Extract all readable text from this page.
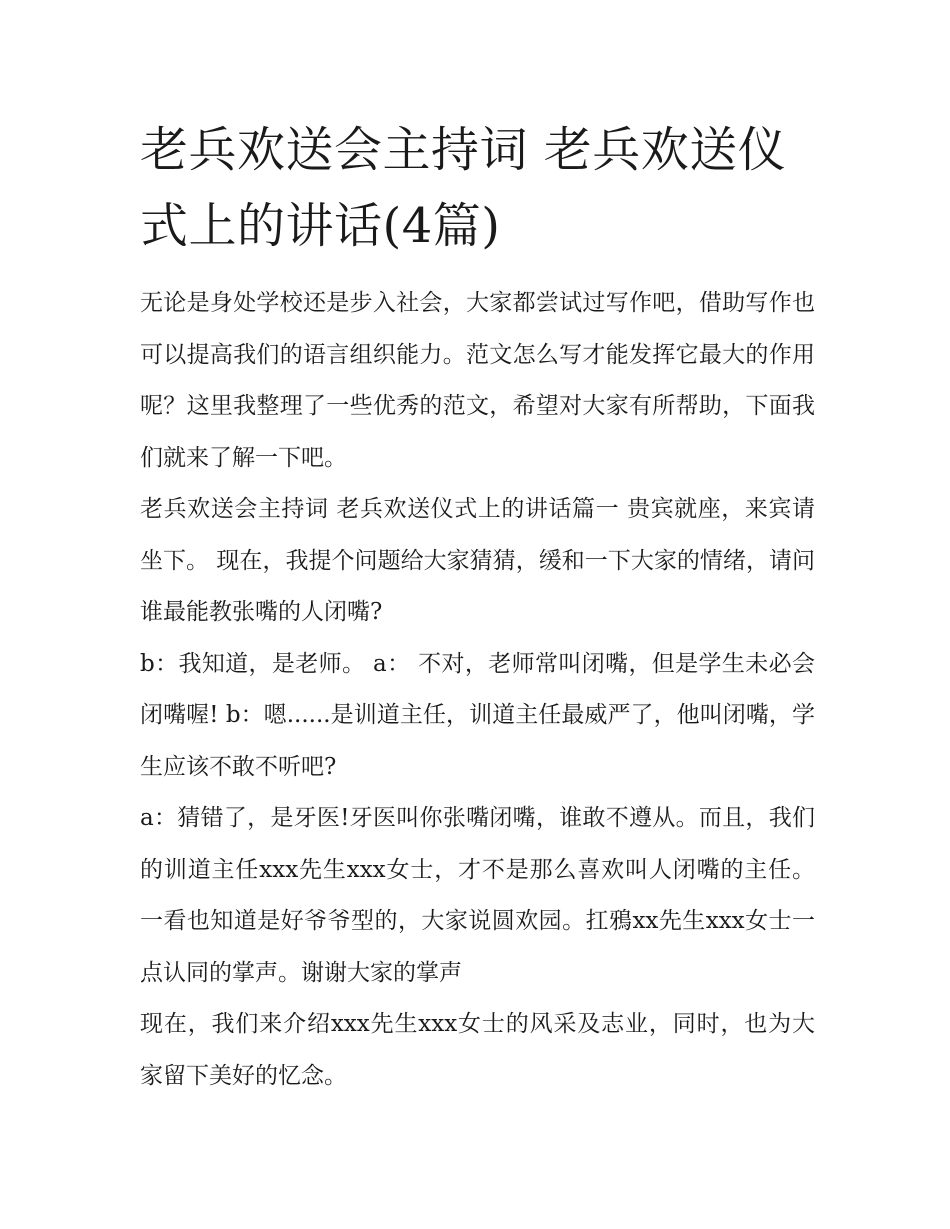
老兵欢送会主持词 老兵欢送仪式上的讲话(4篇)

无论是身处学校还是步入社会，大家都尝试过写作吧，借助写作也可以提高我们的语言组织能力。范文怎么写才能发挥它最大的作用呢？这里我整理了一些优秀的范文，希望对大家有所帮助，下面我们就来了解一下吧。

老兵欢送会主持词 老兵欢送仪式上的讲话篇一 贵宾就座，来宾请坐下。 现在，我提个问题给大家猜猜，缓和一下大家的情绪，请问谁最能教张嘴的人闭嘴?

b：我知道，是老师。 a： 不对，老师常叫闭嘴，但是学生未必会闭嘴喔! b：嗯......是训道主任，训道主任最威严了，他叫闭嘴，学生应该不敢不听吧?

a：猜错了，是牙医!牙医叫你张嘴闭嘴，谁敢不遵从。而且，我们的训道主任xxx先生xxx女士，才不是那么喜欢叫人闭嘴的主任。一看也知道是好爷爷型的，大家说圆欢园。扛鴉xx先生xxx女士一点认同的掌声。谢谢大家的掌声

现在，我们来介绍xxx先生xxx女士的风采及志业，同时，也为大家留下美好的忆念。
